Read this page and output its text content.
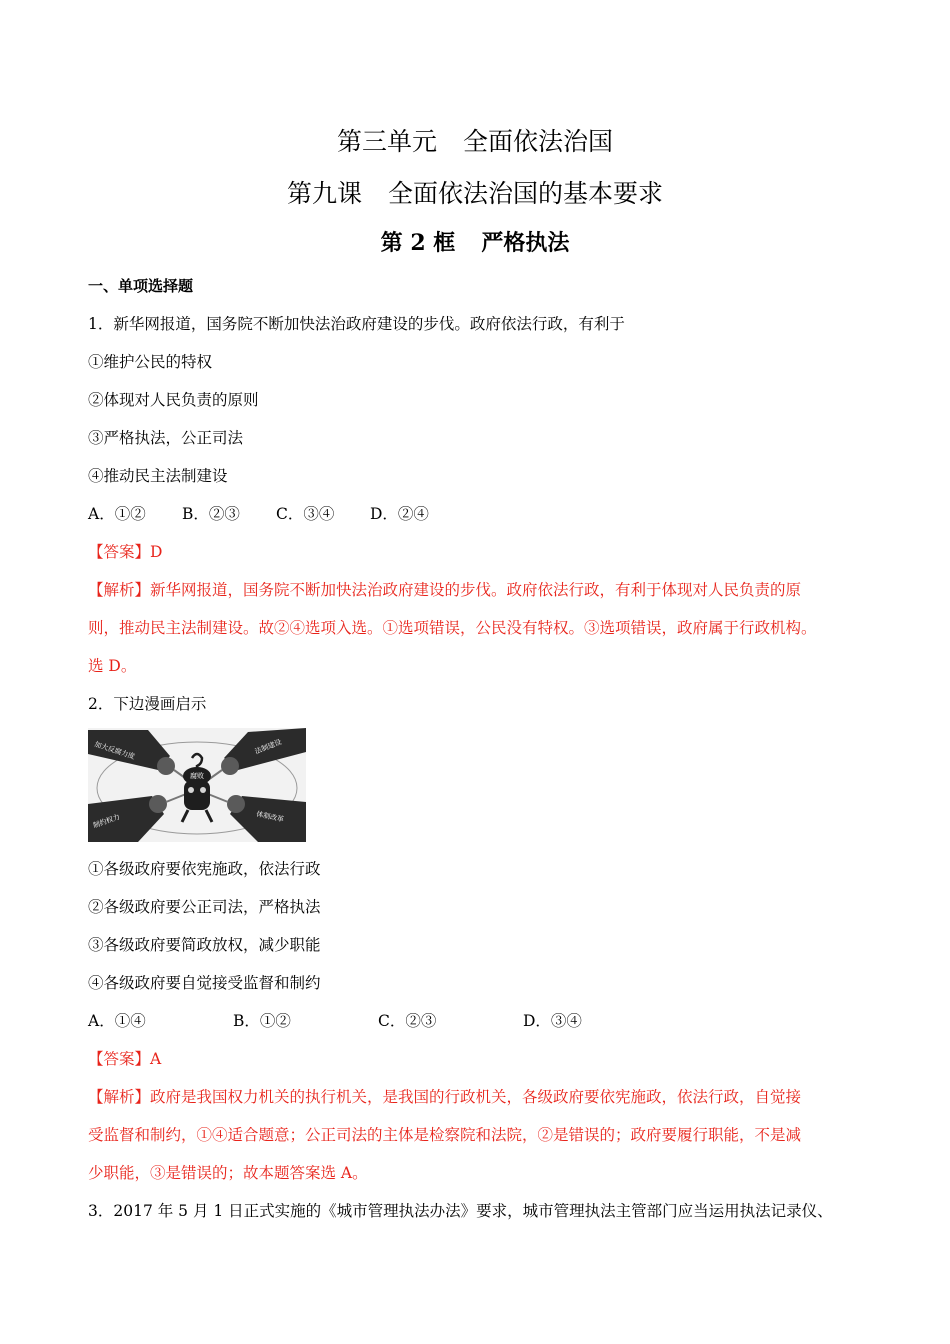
第三单元 全面依法治国
第九课 全面依法治国的基本要求
第 2 框 严格执法
一、单项选择题
1．新华网报道，国务院不断加快法治政府建设的步伐。政府依法行政，有利于
①维护公民的特权
②体现对人民负责的原则
③严格执法，公正司法
④推动民主法制建设
A．①② B．②③ C．③④ D．②④
【答案】D
【解析】新华网报道，国务院不断加快法治政府建设的步伐。政府依法行政，有利于体现对人民负责的原
则，推动民主法制建设。故②④选项入选。①选项错误，公民没有特权。③选项错误，政府属于行政机构。
选 D。
2．下边漫画启示
加大反腐力度	法制建设
制约权力	体制改革
腐败
①各级政府要依宪施政，依法行政
②各级政府要公正司法，严格执法
③各级政府要简政放权，减少职能
④各级政府要自觉接受监督和制约
A．①④	B．①②	C．②③	D．③④
【答案】A
【解析】政府是我国权力机关的执行机关，是我国的行政机关，各级政府要依宪施政，依法行政，自觉接
受监督和制约，①④适合题意；公正司法的主体是检察院和法院，②是错误的；政府要履行职能，不是减
少职能，③是错误的；故本题答案选 A。
3．2017 年 5 月 1 日正式实施的《城市管理执法办法》要求，城市管理执法主管部门应当运用执法记录仪、
